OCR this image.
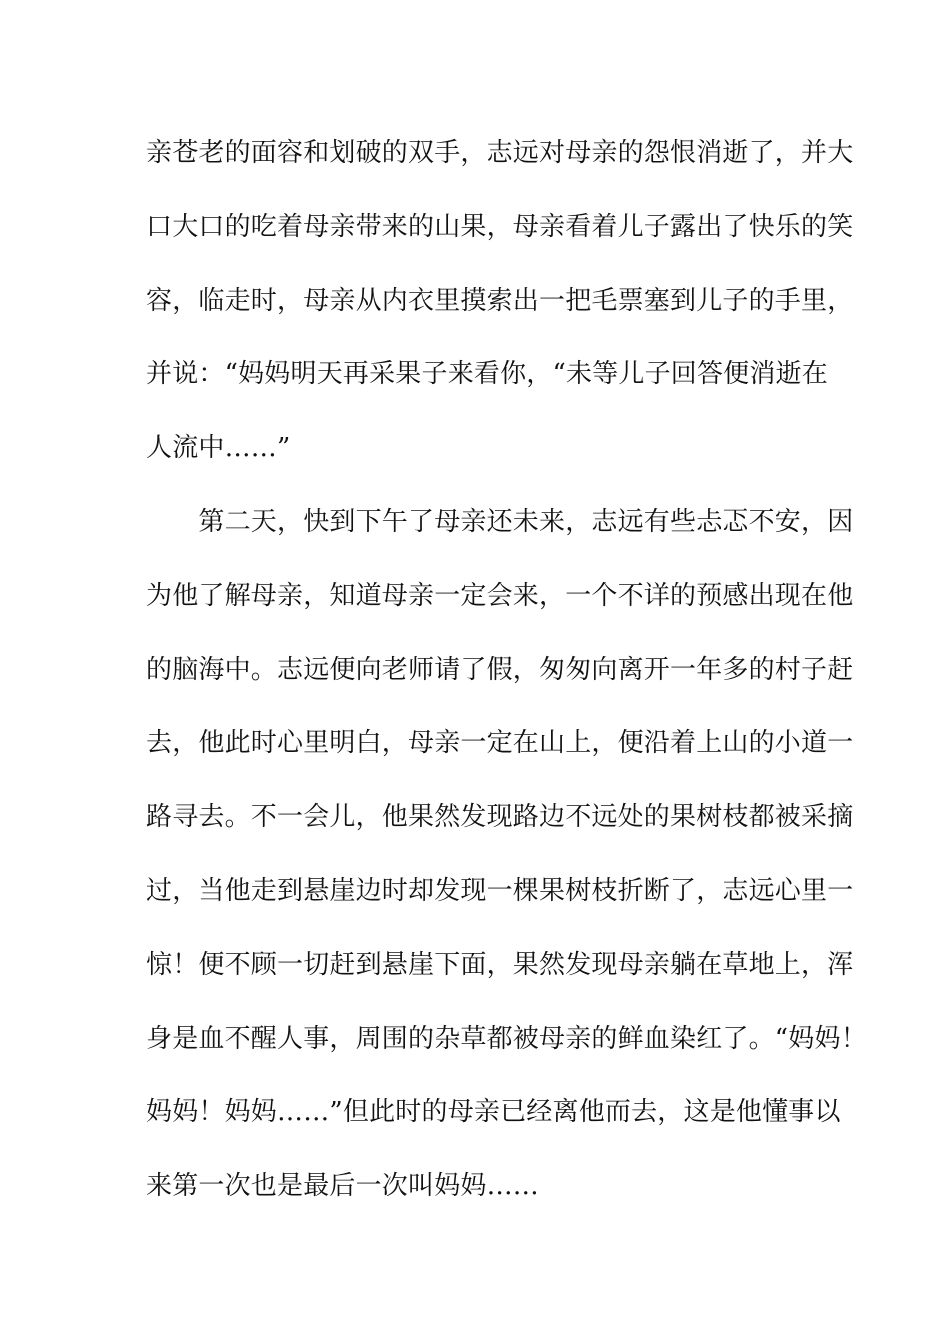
亲苍老的面容和划破的双手，志远对母亲的怨恨消逝了，并大
口大口的吃着母亲带来的山果，母亲看着儿子露出了快乐的笑
容，临走时，母亲从内衣里摸索出一把毛票塞到儿子的手里，
并说：“妈妈明天再采果子来看你，“未等儿子回答便消逝在
人流中……”
　　第二天，快到下午了母亲还未来，志远有些忐忑不安，因
为他了解母亲，知道母亲一定会来，一个不详的预感出现在他
的脑海中。志远便向老师请了假，匆匆向离开一年多的村子赶
去，他此时心里明白，母亲一定在山上，便沿着上山的小道一
路寻去。不一会儿，他果然发现路边不远处的果树枝都被采摘
过，当他走到悬崖边时却发现一棵果树枝折断了，志远心里一
惊！便不顾一切赶到悬崖下面，果然发现母亲躺在草地上，浑
身是血不醒人事，周围的杂草都被母亲的鲜血染红了。“妈妈！
妈妈！妈妈……”但此时的母亲已经离他而去，这是他懂事以
来第一次也是最后一次叫妈妈……
